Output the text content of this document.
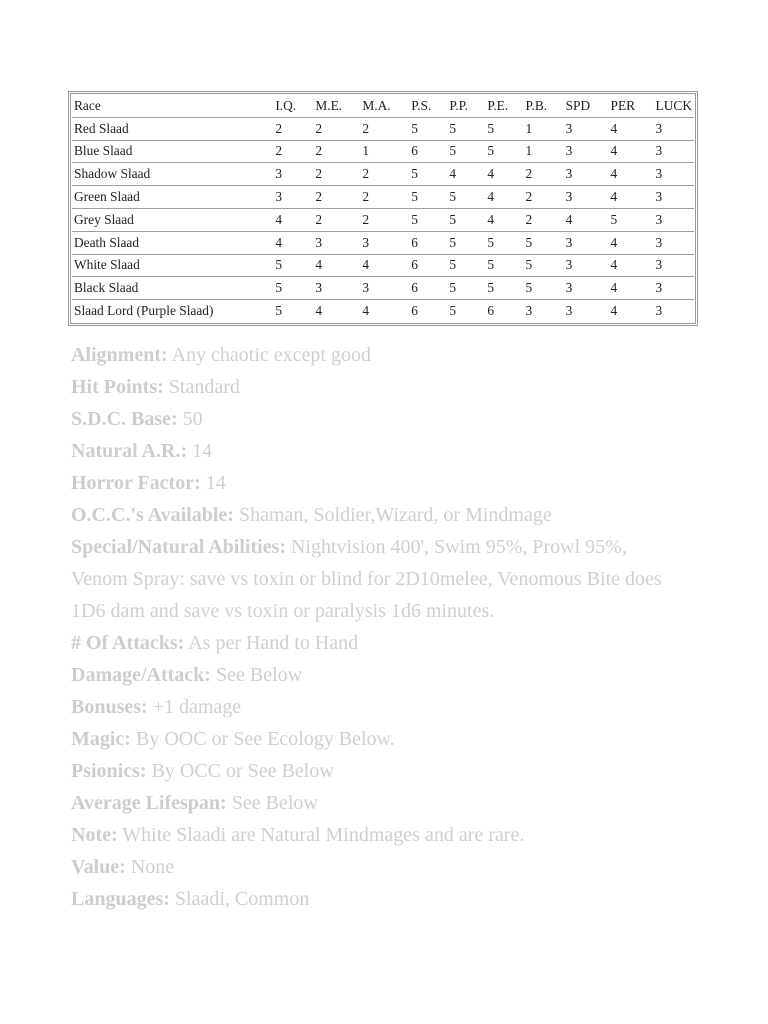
Race	I.Q.	M.E.	M.A.	P.S.	P.P.	P.E.	P.B.	SPD	PER	LUCK
Red Slaad	2	2	2	5	5	5	1	3	4	3
Blue Slaad	2	2	1	6	5	5	1	3	4	3
Shadow Slaad	3	2	2	5	4	4	2	3	4	3
Green Slaad	3	2	2	5	5	4	2	3	4	3
Grey Slaad	4	2	2	5	5	4	2	4	5	3
Death Slaad	4	3	3	6	5	5	5	3	4	3
White Slaad	5	4	4	6	5	5	5	3	4	3
Black Slaad	5	3	3	6	5	5	5	3	4	3
Slaad Lord (Purple Slaad)	5	4	4	6	5	6	3	3	4	3

Alignment: Any chaotic except good

Hit Points: Standard

S.D.C. Base: 50

Natural A.R.: 14

Horror Factor: 14

O.C.C.'s Available: Shaman, Soldier,Wizard, or Mindmage

Special/Natural Abilities: Nightvision 400', Swim 95%, Prowl 95%, Venom Spray: save vs toxin or blind for 2D10melee, Venomous Bite does 1D6 dam and save vs toxin or paralysis 1d6 minutes.

# Of Attacks: As per Hand to Hand

Damage/Attack: See Below

Bonuses: +1 damage

Magic: By OOC or See Ecology Below.

Psionics: By OCC or See Below

Average Lifespan: See Below

Note: White Slaadi are Natural Mindmages and are rare.

Value: None

Languages: Slaadi, Common
